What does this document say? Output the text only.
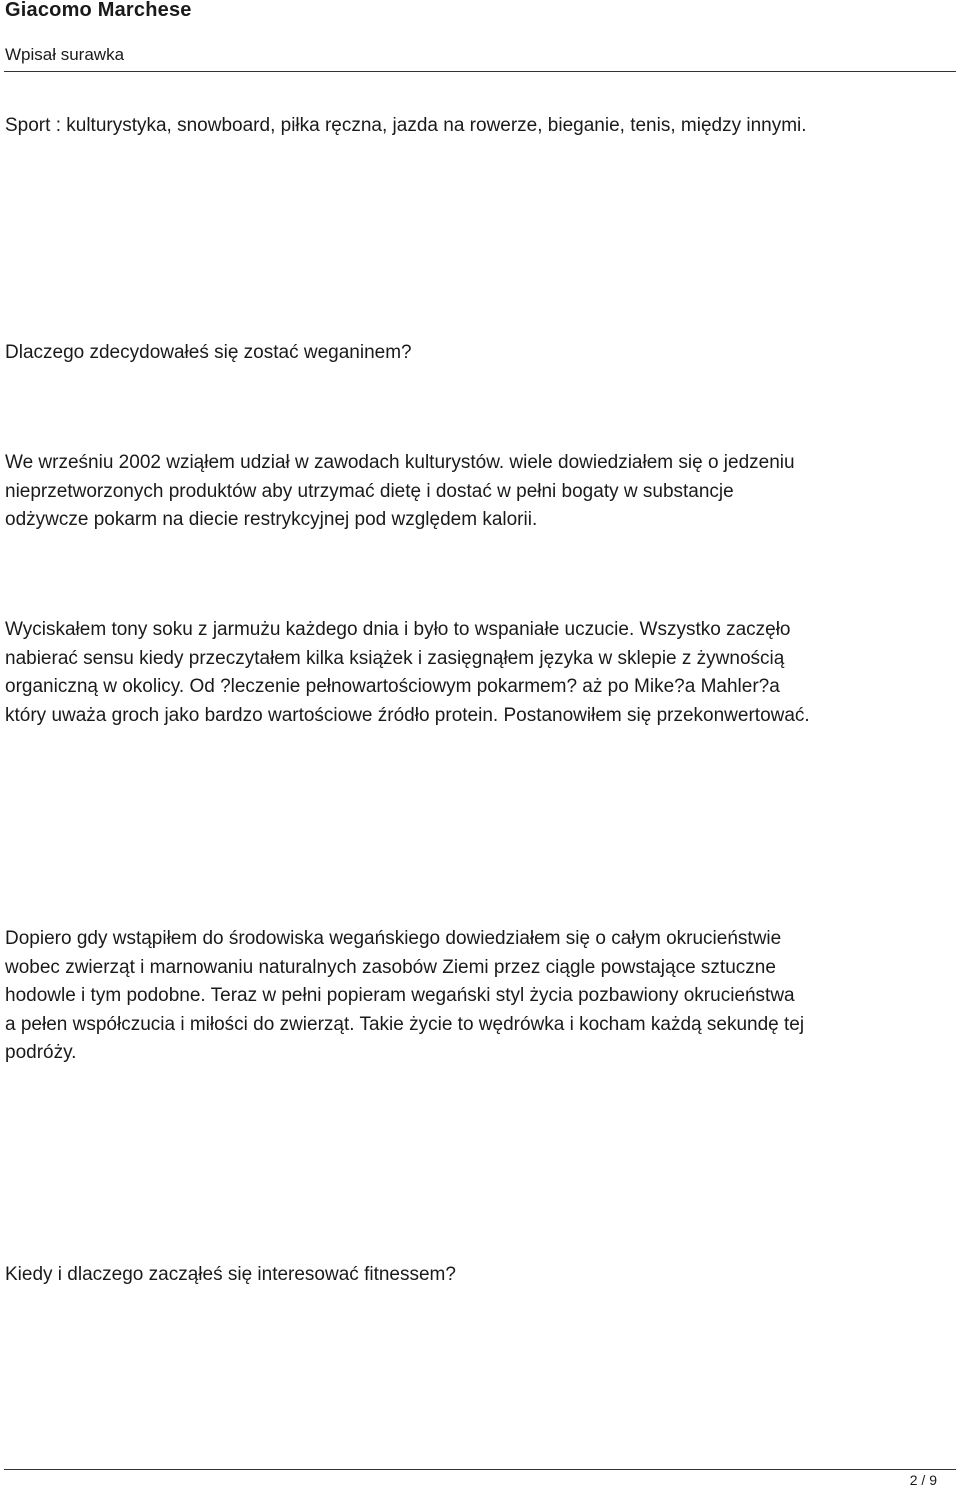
Giacomo Marchese
Wpisał surawka

Sport : kulturystyka, snowboard, piłka ręczna, jazda na rowerze, bieganie, tenis, między innymi.

Dlaczego zdecydowałeś się zostać weganinem?

We wrześniu 2002 wziąłem udział w zawodach kulturystów. wiele dowiedziałem się o jedzeniu
nieprzetworzonych produktów aby utrzymać dietę i dostać w pełni bogaty w substancje
odżywcze pokarm na diecie restrykcyjnej pod względem kalorii.

Wyciskałem tony soku z jarmużu każdego dnia i było to wspaniałe uczucie. Wszystko zaczęło
nabierać sensu kiedy przeczytałem kilka książek i zasięgnąłem języka w sklepie z żywnością
organiczną w okolicy. Od ?leczenie pełnowartościowym pokarmem? aż po Mike?a Mahler?a
który uważa groch jako bardzo wartościowe źródło protein. Postanowiłem się przekonwertować.

Dopiero gdy wstąpiłem do środowiska wegańskiego dowiedziałem się o całym okrucieństwie
wobec zwierząt i marnowaniu naturalnych zasobów Ziemi przez ciągle powstające sztuczne
hodowle i tym podobne. Teraz w pełni popieram wegański styl życia pozbawiony okrucieństwa
a pełen współczucia i miłości do zwierząt. Takie życie to wędrówka i kocham każdą sekundę tej
podróży.

Kiedy i dlaczego zacząłeś się interesować fitnessem?

2 / 9
